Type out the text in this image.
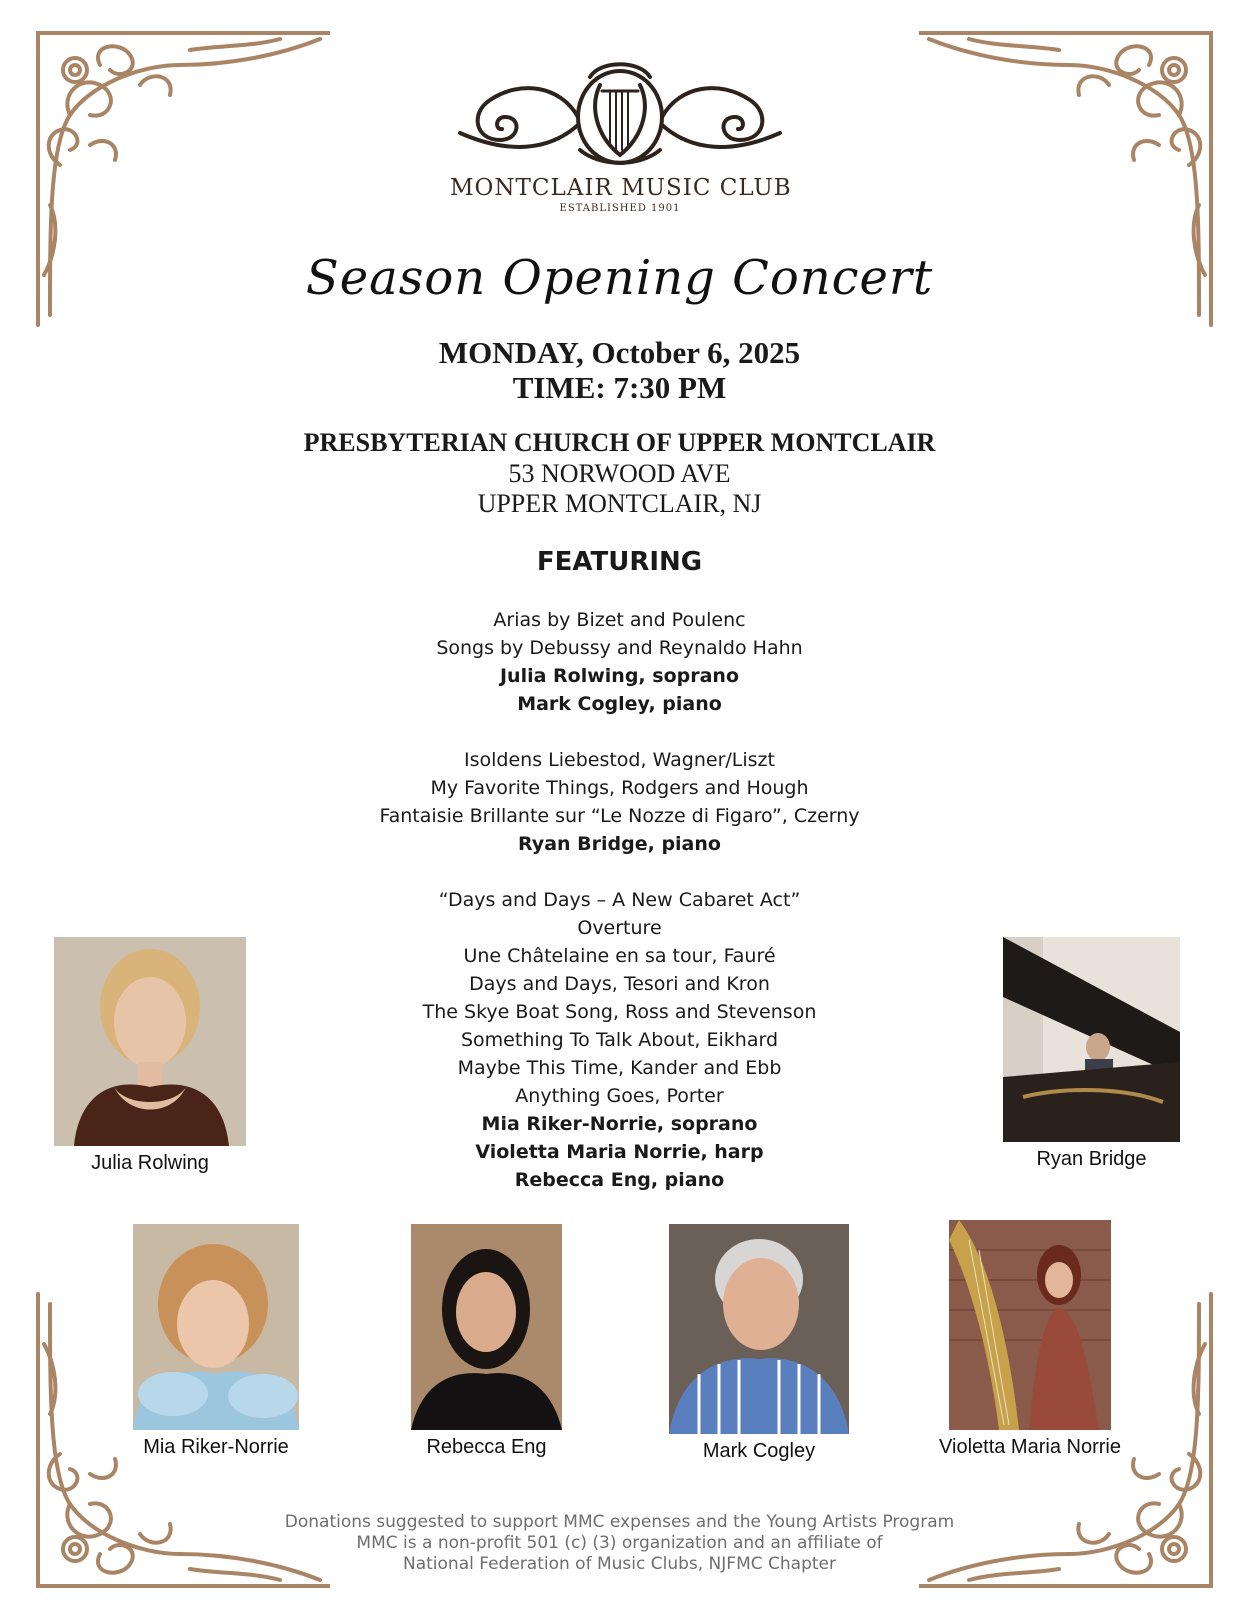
MONTCLAIR MUSIC CLUB
ESTABLISHED 1901
Season Opening Concert
MONDAY, October 6, 2025
TIME: 7:30 PM
PRESBYTERIAN CHURCH OF UPPER MONTCLAIR
53 NORWOOD AVE
UPPER MONTCLAIR, NJ
FEATURING
Arias by Bizet and Poulenc
Songs by Debussy and Reynaldo Hahn
Julia Rolwing, soprano
Mark Cogley, piano
Isoldens Liebestod, Wagner/Liszt
My Favorite Things, Rodgers and Hough
Fantaisie Brillante sur “Le Nozze di Figaro”, Czerny
Ryan Bridge, piano
“Days and Days – A New Cabaret Act”
Overture
Une Châtelaine en sa tour, Fauré
Days and Days, Tesori and Kron
The Skye Boat Song, Ross and Stevenson
Something To Talk About, Eikhard
Maybe This Time, Kander and Ebb
Anything Goes, Porter
Mia Riker-Norrie, soprano
Violetta Maria Norrie, harp
Rebecca Eng, piano
Julia Rolwing	Ryan Bridge
Mia Riker-Norrie	Rebecca Eng	Mark Cogley	Violetta Maria Norrie
Donations suggested to support MMC expenses and the Young Artists Program
MMC is a non-profit 501 (c) (3) organization and an affiliate of
National Federation of Music Clubs, NJFMC Chapter
